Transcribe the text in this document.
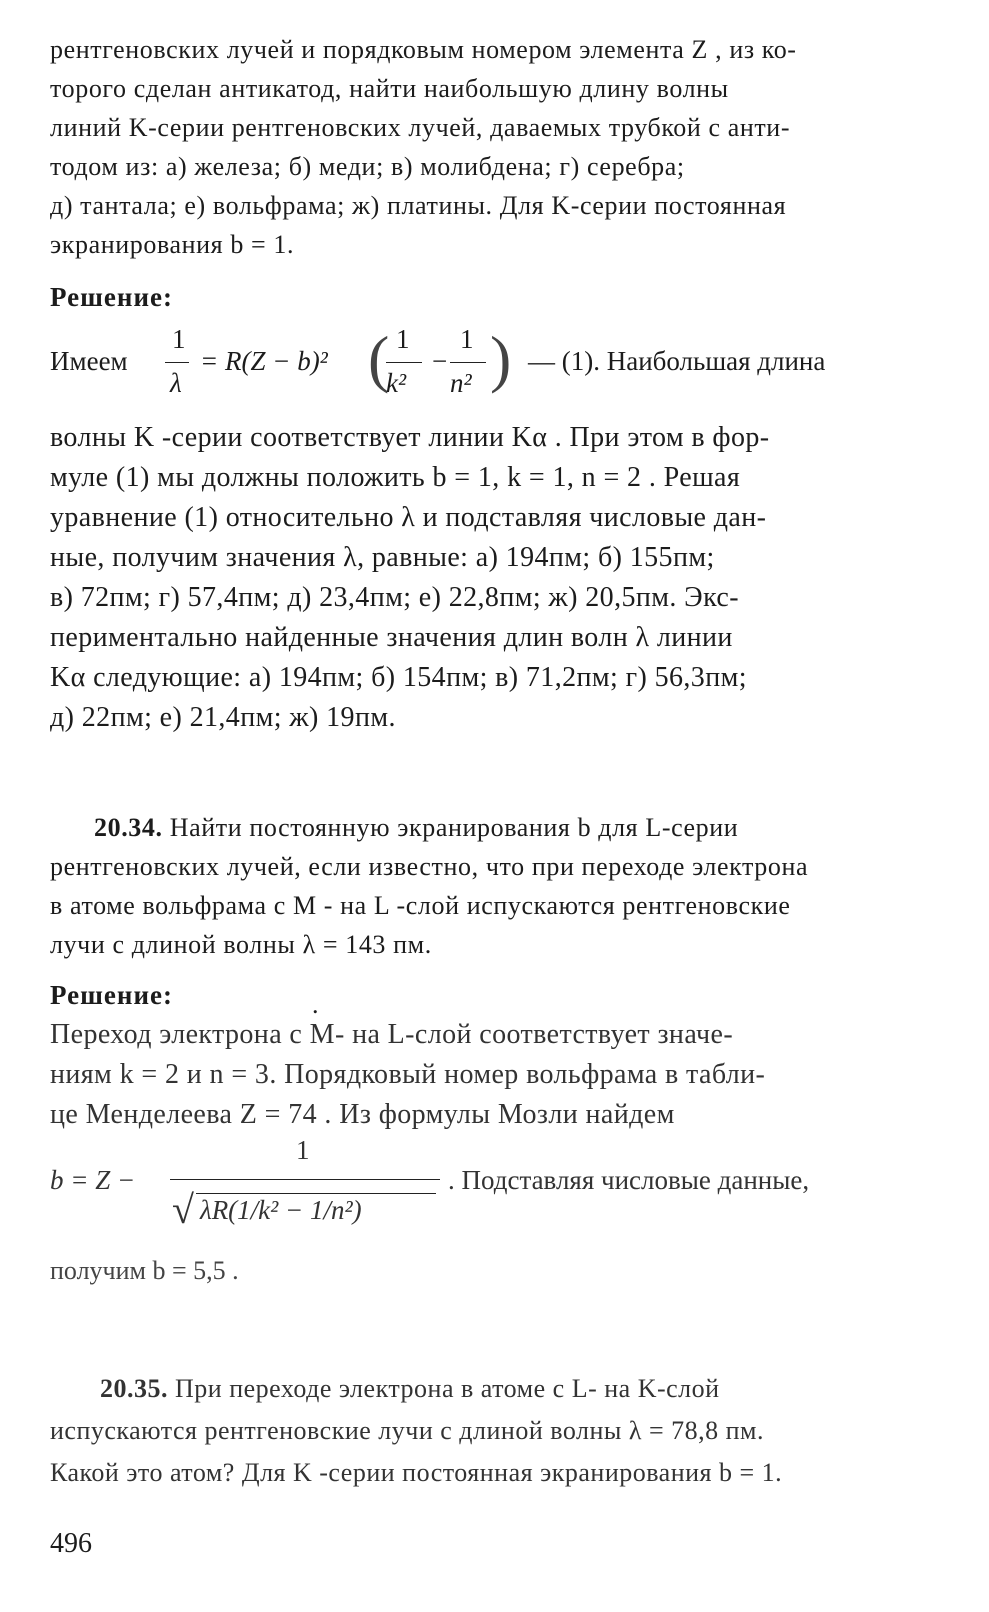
рентгеновских лучей и порядковым номером элемента Z , из ко-
торого сделан антикатод, найти наибольшую длину волны
линий K-серии рентгеновских лучей, даваемых трубкой с анти-
тодом из: а) железа; б) меди; в) молибдена; г) серебра;
д) тантала; е) вольфрама; ж) платины. Для K-серии постоянная
экранирования b = 1.
Решение:
Имеем
1
λ
= R(Z − b)² ( 1
k²
−
1
n² ) — (1). Наибольшая длина
волны K -серии соответствует линии Kα . При этом в фор-
муле (1) мы должны положить b = 1, k = 1, n = 2 . Решая
уравнение (1) относительно λ и подставляя числовые дан-
ные, получим значения λ, равные: а) 194пм; б) 155пм;
в) 72пм; г) 57,4пм; д) 23,4пм; е) 22,8пм; ж) 20,5пм. Экс-
периментально найденные значения длин волн λ линии
Kα следующие: а) 194пм; б) 154пм; в) 71,2пм; г) 56,3пм;
д) 22пм; е) 21,4пм; ж) 19пм.
20.34. Найти постоянную экранирования b для L-серии
рентгеновских лучей, если известно, что при переходе электрона
в атоме вольфрама с M - на L -слой испускаются рентгеновские
лучи с длиной волны λ = 143 пм.
Решение:	.
Переход электрона с M- на L-слой соответствует значе-
ниям k = 2 и n = 3. Порядковый номер вольфрама в табли-
це Менделеева Z = 74 . Из формулы Мозли найдем
b = Z −
1
√ λR(1/k² − 1/n²)
. Подставляя числовые данные,
получим b = 5,5 .
20.35. При переходе электрона в атоме с L- на K-слой
испускаются рентгеновские лучи с длиной волны λ = 78,8 пм.
Какой это атом? Для K -серии постоянная экранирования b = 1.
496
